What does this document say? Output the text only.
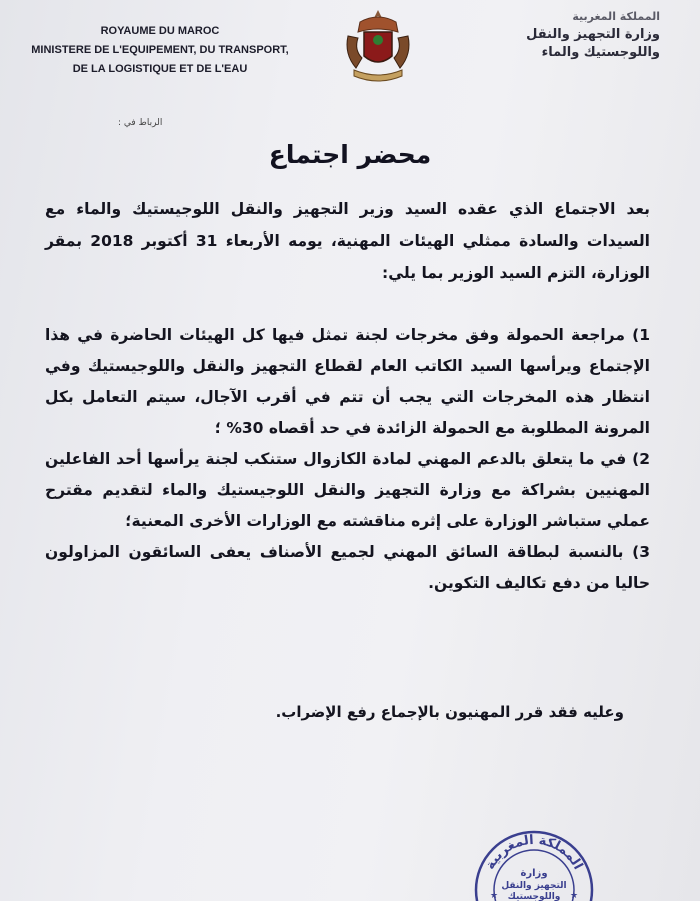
ROYAUME DU MAROC
MINISTERE DE L'EQUIPEMENT, DU TRANSPORT,
DE LA LOGISTIQUE ET DE L'EAU
المملكة المغربية
وزارة التجهيز والنقل
واللوجستيك والماء
الرباط في :
محضر اجتماع
بعد الاجتماع الذي عقده السيد وزير التجهيز والنقل اللوجيستيك والماء مع السيدات والسادة ممثلي الهيئات المهنية، يومه الأربعاء 31 أكتوبر 2018 بمقر الوزارة، التزم السيد الوزير بما يلي:

1) مراجعة الحمولة وفق مخرجات لجنة تمثل فيها كل الهيئات الحاضرة في هذا الإجتماع ويرأسها السيد الكاتب العام لقطاع التجهيز والنقل واللوجيستيك وفي انتظار هذه المخرجات التي يجب أن تتم في أقرب الآجال، سيتم التعامل بكل المرونة المطلوبة مع الحمولة الزائدة في حد أقصاه 30% ؛

2) في ما يتعلق بالدعم المهني لمادة الكازوال ستنكب لجنة يرأسها أحد الفاعلين المهنيين بشراكة مع وزارة التجهيز والنقل اللوجيستيك والماء لتقديم مقترح عملي ستباشر الوزارة على إثره مناقشته مع الوزارات الأخرى المعنية؛

3) بالنسبة لبطاقة السائق المهني لجميع الأصناف يعفى السائقون المزاولون حاليا من دفع تكاليف التكوين.

وعليه فقد قرر المهنيون بالإجماع رفع الإضراب.
المملكة المغربية
وزارة
التجهيز والنقل
واللوجستيك
★	★
